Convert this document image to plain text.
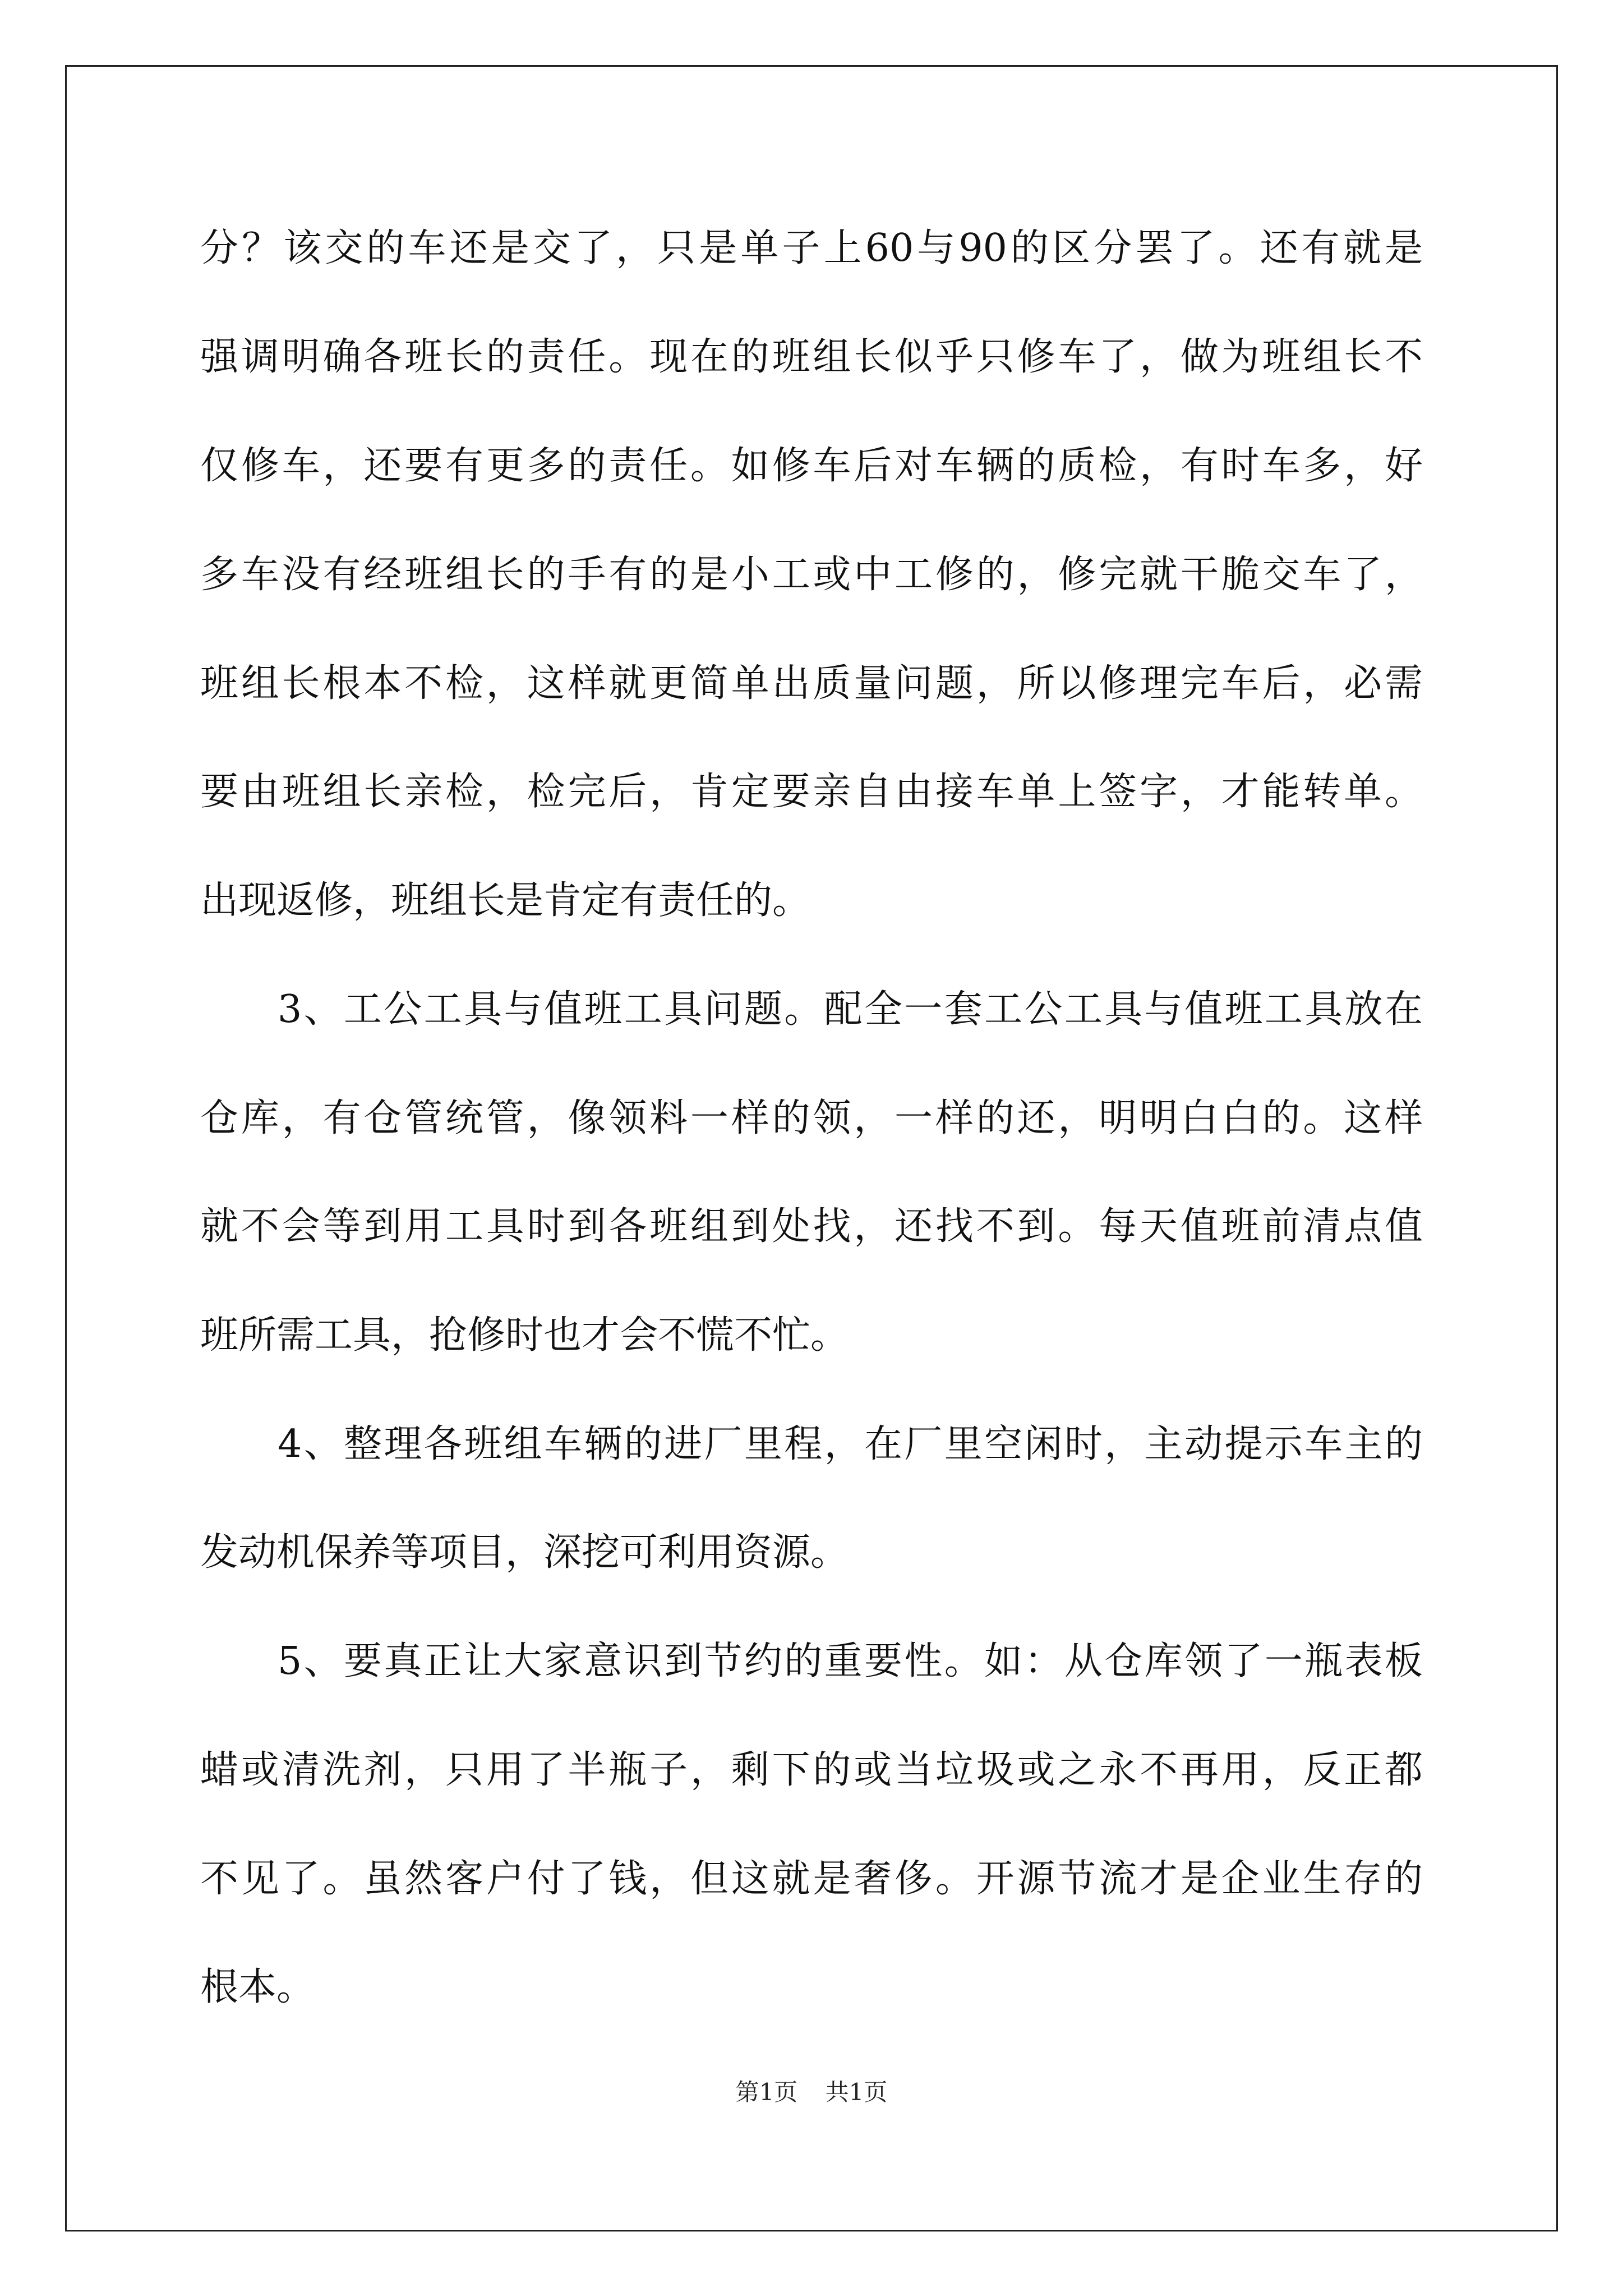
分？该交的车还是交了，只是单子上60与90的区分罢了。还有就是
强调明确各班长的责任。现在的班组长似乎只修车了，做为班组长不
仅修车，还要有更多的责任。如修车后对车辆的质检，有时车多，好
多车没有经班组长的手有的是小工或中工修的，修完就干脆交车了，
班组长根本不检，这样就更简单出质量问题，所以修理完车后，必需
要由班组长亲检，检完后，肯定要亲自由接车单上签字，才能转单。
出现返修，班组长是肯定有责任的。
3、工公工具与值班工具问题。配全一套工公工具与值班工具放在
仓库，有仓管统管，像领料一样的领，一样的还，明明白白的。这样
就不会等到用工具时到各班组到处找，还找不到。每天值班前清点值
班所需工具，抢修时也才会不慌不忙。
4、整理各班组车辆的进厂里程，在厂里空闲时，主动提示车主的
发动机保养等项目，深挖可利用资源。
5、要真正让大家意识到节约的重要性。如：从仓库领了一瓶表板
蜡或清洗剂，只用了半瓶子，剩下的或当垃圾或之永不再用，反正都
不见了。虽然客户付了钱，但这就是奢侈。开源节流才是企业生存的
根本。
第1页 共1页
